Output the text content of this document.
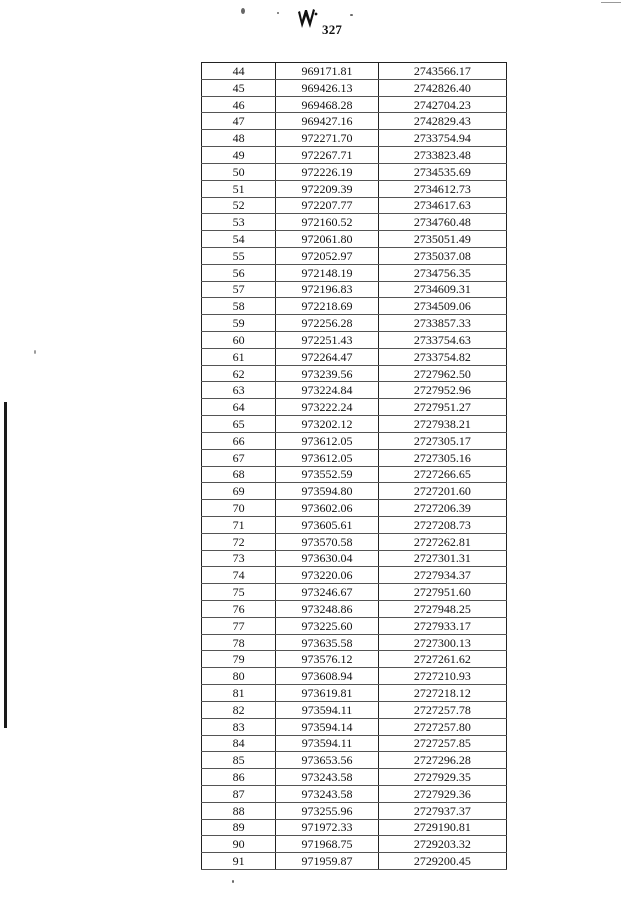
327
44	969171.81	2743566.17
45	969426.13	2742826.40
46	969468.28	2742704.23
47	969427.16	2742829.43
48	972271.70	2733754.94
49	972267.71	2733823.48
50	972226.19	2734535.69
51	972209.39	2734612.73
52	972207.77	2734617.63
53	972160.52	2734760.48
54	972061.80	2735051.49
55	972052.97	2735037.08
56	972148.19	2734756.35
57	972196.83	2734609.31
58	972218.69	2734509.06
59	972256.28	2733857.33
60	972251.43	2733754.63
61	972264.47	2733754.82
62	973239.56	2727962.50
63	973224.84	2727952.96
64	973222.24	2727951.27
65	973202.12	2727938.21
66	973612.05	2727305.17
67	973612.05	2727305.16
68	973552.59	2727266.65
69	973594.80	2727201.60
70	973602.06	2727206.39
71	973605.61	2727208.73
72	973570.58	2727262.81
73	973630.04	2727301.31
74	973220.06	2727934.37
75	973246.67	2727951.60
76	973248.86	2727948.25
77	973225.60	2727933.17
78	973635.58	2727300.13
79	973576.12	2727261.62
80	973608.94	2727210.93
81	973619.81	2727218.12
82	973594.11	2727257.78
83	973594.14	2727257.80
84	973594.11	2727257.85
85	973653.56	2727296.28
86	973243.58	2727929.35
87	973243.58	2727929.36
88	973255.96	2727937.37
89	971972.33	2729190.81
90	971968.75	2729203.32
91	971959.87	2729200.45
